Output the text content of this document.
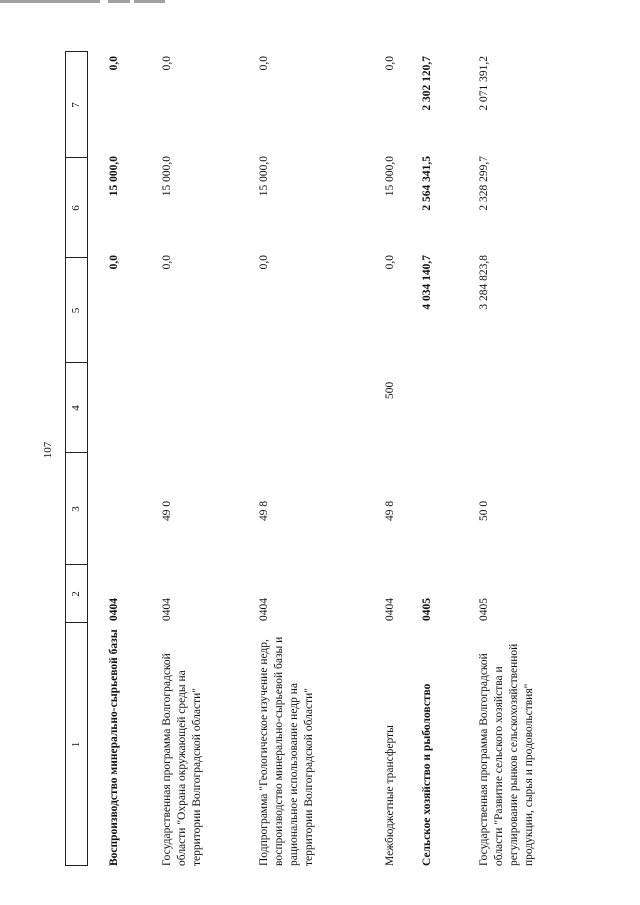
107
1
2
3
4
5
6
7
Воспроизводство минерально-сырьевой базы
0404
0,0
15 000,0
0,0
Государственная программа Волгоградской области "Охрана окружающей среды на территории Волгоградской области"
0404
49 0
0,0
15 000,0
0,0
Подпрограмма "Геологическое изучение недр, воспроизводство минерально-сырьевой базы и рациональное использование недр на территории Волгоградской области"
0404
49 8
0,0
15 000,0
0,0
Межбюджетные трансферты
0404
49 8
500
0,0
15 000,0
0,0
Сельское хозяйство и рыболовство
0405
4 034 140,7
2 564 341,5
2 302 120,7
Государственная программа Волгоградской области "Развитие сельского хозяйства и регулирование рынков сельскохозяйственной продукции, сырья и продовольствия"
0405
50 0
3 284 823,8
2 328 299,7
2 071 391,2
